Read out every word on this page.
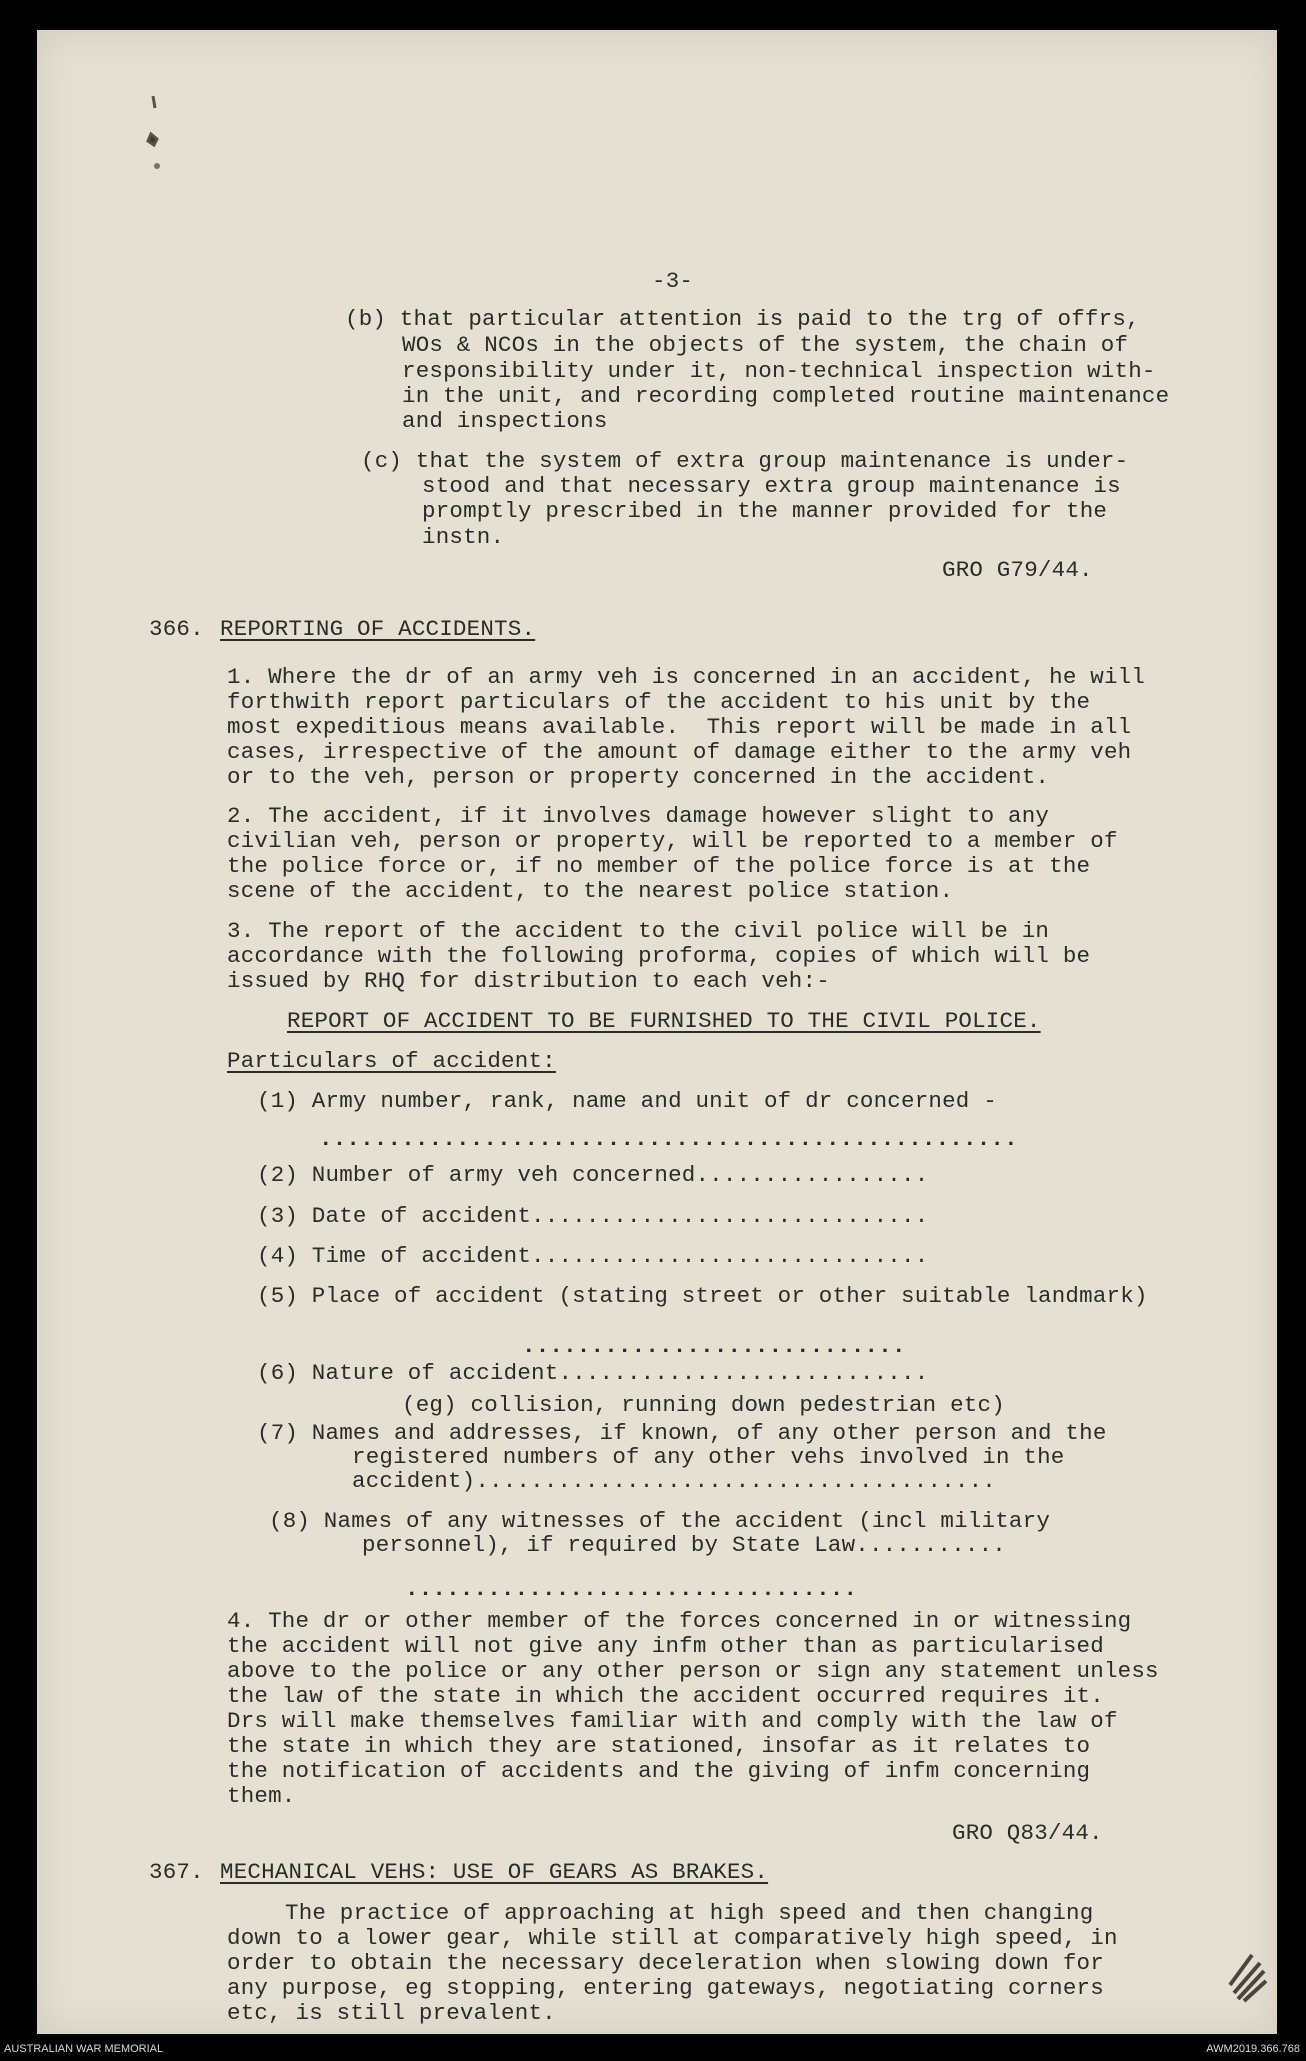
-3-
(b) that particular attention is paid to the trg of offrs,
WOs & NCOs in the objects of the system, the chain of
responsibility under it, non-technical inspection with-
in the unit, and recording completed routine maintenance
and inspections
(c) that the system of extra group maintenance is under-
stood and that necessary extra group maintenance is
promptly prescribed in the manner provided for the
instn.
GRO G79/44.
366. REPORTING OF ACCIDENTS.
1. Where the dr of an army veh is concerned in an accident, he will
forthwith report particulars of the accident to his unit by the
most expeditious means available.  This report will be made in all
cases, irrespective of the amount of damage either to the army veh
or to the veh, person or property concerned in the accident.
2. The accident, if it involves damage however slight to any
civilian veh, person or property, will be reported to a member of
the police force or, if no member of the police force is at the
scene of the accident, to the nearest police station.
3. The report of the accident to the civil police will be in
accordance with the following proforma, copies of which will be
issued by RHQ for distribution to each veh:-
REPORT OF ACCIDENT TO BE FURNISHED TO THE CIVIL POLICE.
Particulars of accident:
(1) Army number, rank, name and unit of dr concerned -
...................................................
(2) Number of army veh concerned.................
(3) Date of accident.............................
(4) Time of accident.............................
(5) Place of accident (stating street or other suitable landmark)
............................
(6) Nature of accident...........................
(eg) collision, running down pedestrian etc)
(7) Names and addresses, if known, of any other person and the
registered numbers of any other vehs involved in the
accident)......................................
(8) Names of any witnesses of the accident (incl military
personnel), if required by State Law...........
.................................
4. The dr or other member of the forces concerned in or witnessing
the accident will not give any infm other than as particularised
above to the police or any other person or sign any statement unless
the law of the state in which the accident occurred requires it.
Drs will make themselves familiar with and comply with the law of
the state in which they are stationed, insofar as it relates to
the notification of accidents and the giving of infm concerning
them.
GRO Q83/44.
367. MECHANICAL VEHS: USE OF GEARS AS BRAKES.
The practice of approaching at high speed and then changing
down to a lower gear, while still at comparatively high speed, in
order to obtain the necessary deceleration when slowing down for
any purpose, eg stopping, entering gateways, negotiating corners
etc, is still prevalent.
AUSTRALIAN WAR MEMORIAL	AWM2019.366.768
